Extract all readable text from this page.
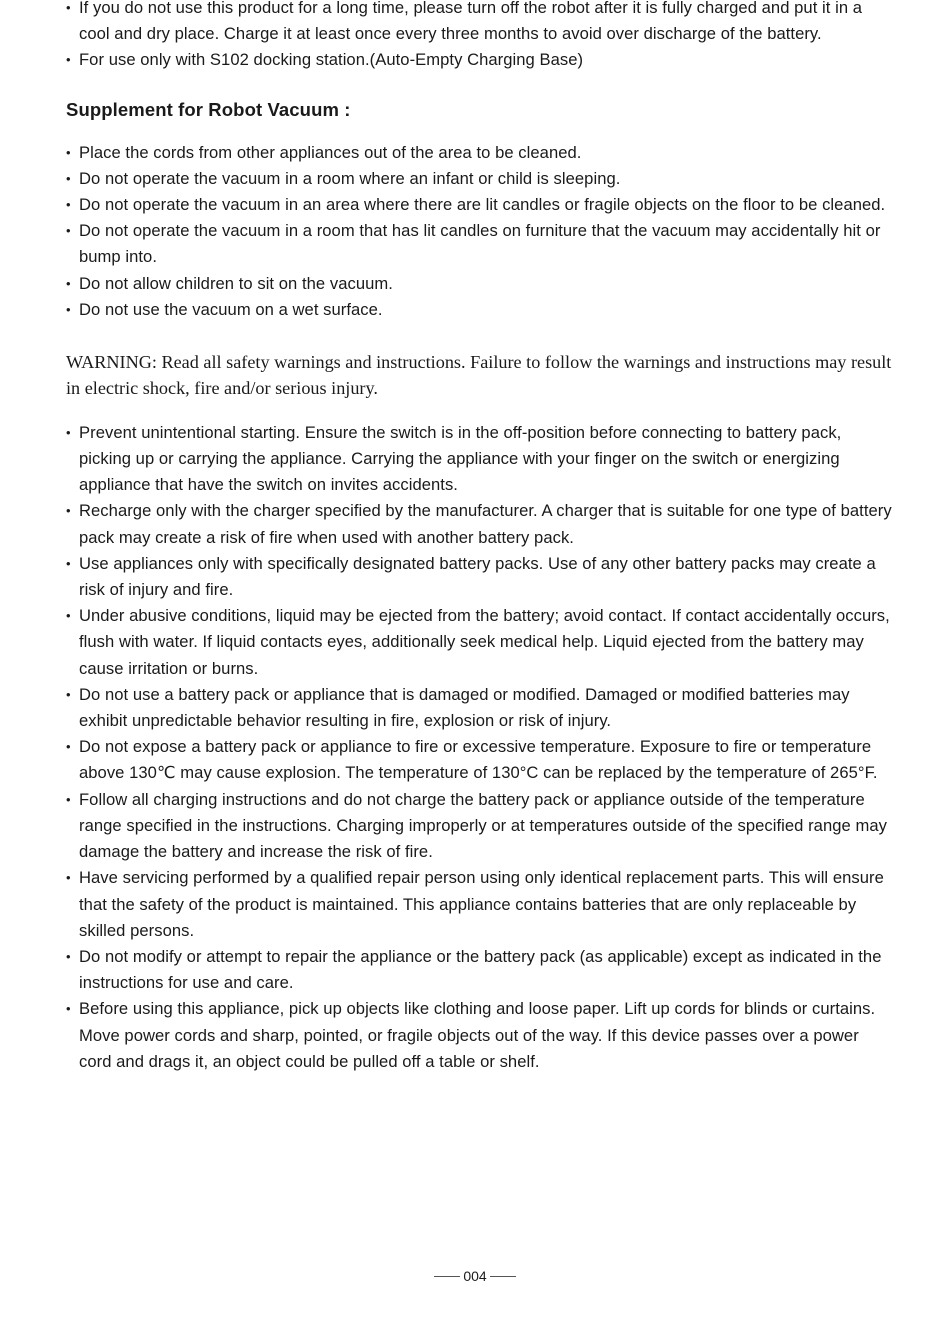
• If you do not use this product for a long time, please turn off the robot after it is fully charged and put it in a cool and dry place. Charge it at least once every three months to avoid over discharge of the battery.
• For use only with S102 docking station.(Auto-Empty Charging Base)
Supplement for Robot Vacuum :
• Place the cords from other appliances out of the area to be cleaned.
• Do not operate the vacuum in a room where an infant or child is sleeping.
• Do not operate the vacuum in an area where there are lit candles or fragile objects on the floor to be cleaned.
• Do not operate the vacuum in a room that has lit candles on furniture that the vacuum may accidentally hit or bump into.
• Do not allow children to sit on the vacuum.
• Do not use the vacuum on a wet surface.

WARNING: Read all safety warnings and instructions. Failure to follow the warnings and instructions may result in electric shock, fire and/or serious injury.

• Prevent unintentional starting. Ensure the switch is in the off-position before connecting to battery pack, picking up or carrying the appliance. Carrying the appliance with your finger on the switch or energizing appliance that have the switch on invites accidents.
• Recharge only with the charger specified by the manufacturer. A charger that is suitable for one type of battery pack may create a risk of fire when used with another battery pack.
• Use appliances only with specifically designated battery packs. Use of any other battery packs may create a risk of injury and fire.
• Under abusive conditions, liquid may be ejected from the battery; avoid contact. If contact accidentally occurs, flush with water. If liquid contacts eyes, additionally seek medical help. Liquid ejected from the battery may cause irritation or burns.
• Do not use a battery pack or appliance that is damaged or modified. Damaged or modified batteries may exhibit unpredictable behavior resulting in fire, explosion or risk of injury.
• Do not expose a battery pack or appliance to fire or excessive temperature. Exposure to fire or temperature above 130℃ may cause explosion. The temperature of 130°C can be replaced by the temperature of 265°F.
• Follow all charging instructions and do not charge the battery pack or appliance outside of the temperature range specified in the instructions. Charging improperly or at temperatures outside of the specified range may damage the battery and increase the risk of fire.
• Have servicing performed by a qualified repair person using only identical replacement parts. This will ensure that the safety of the product is maintained. This appliance contains batteries that are only replaceable by skilled persons.
• Do not modify or attempt to repair the appliance or the battery pack (as applicable) except as indicated in the instructions for use and care.
• Before using this appliance, pick up objects like clothing and loose paper. Lift up cords for blinds or curtains. Move power cords and sharp, pointed, or fragile objects out of the way. If this device passes over a power cord and drags it, an object could be pulled off a table or shelf.
004
